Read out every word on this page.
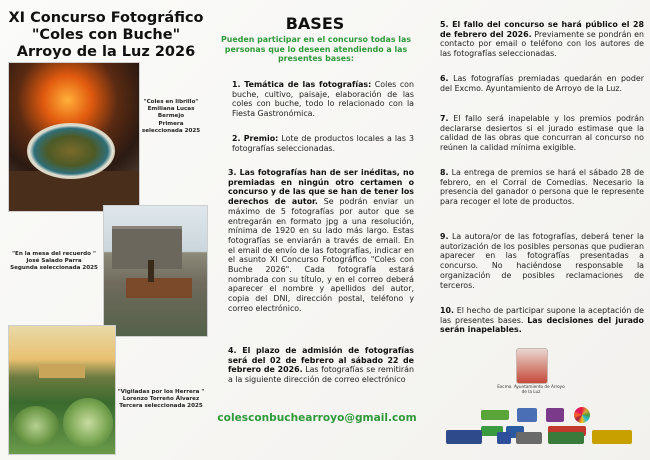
XI Concurso Fotográfico
"Coles con Buche"
Arroyo de la Luz 2026
"Coles en librillo"
Emiliana Lucas Bermejo
Primera seleccionada 2025
"En la mesa del recuerdo "
José Salado Parra
Segunda seleccionada 2025
"Vigiladas por los Herrera "
Lorenzo Torreño Álvarez
Tercera seleccionada 2025
BASES
Pueden participar en el concurso todas las personas que lo deseen atendiendo a las presentes bases:
1. Temática de las fotografías: Coles con buche, cultivo, paisaje, elaboración de las coles con buche, todo lo relacionado con la Fiesta Gastronómica.
2. Premio: Lote de productos locales a las 3 fotografías seleccionadas.
3. Las fotografías han de ser inéditas, no premiadas en ningún otro certamen o concurso y de las que se han de tener los derechos de autor. Se podrán enviar un máximo de 5 fotografías por autor que se entregarán en formato jpg a una resolución, mínima de 1920 en su lado más largo. Estas fotografías se enviarán a través de email. En el email de envío de las fotografías, indicar en el asunto XI Concurso Fotográfico "Coles con Buche 2026". Cada fotografía estará nombrada con su título, y en el correo deberá aparecer el nombre y apellidos del autor, copia del DNI, dirección postal, teléfono y correo electrónico.
4. El plazo de admisión de fotografías será del 02 de febrero al sábado 22 de febrero de 2026. Las fotografías se remitirán a la siguiente dirección de correo electrónico
colesconbuchearroyo@gmail.com
5. El fallo del concurso se hará público el 28 de febrero del 2026. Previamente se pondrán en contacto por email o teléfono con los autores de las fotografías seleccionadas.
6. Las fotografías premiadas quedarán en poder del Excmo. Ayuntamiento de Arroyo de la Luz.
7. El fallo será inapelable y los premios podrán declararse desiertos si el jurado estimase que la calidad de las obras que concurran al concurso no reúnen la calidad mínima exigible.
8. La entrega de premios se hará el sábado 28 de febrero, en el Corral de Comedias. Necesario la presencia del ganador o persona que le represente para recoger el lote de productos.
9. La autora/or de las fotografías, deberá tener la autorización de los posibles personas que pudieran aparecer en las fotografías presentadas a concurso. No haciéndose responsable la organización de posibles reclamaciones de terceros.
10. El hecho de participar supone la aceptación de las presentes bases. Las decisiones del jurado serán inapelables.
Excmo. Ayuntamiento de Arroyo de la Luz
